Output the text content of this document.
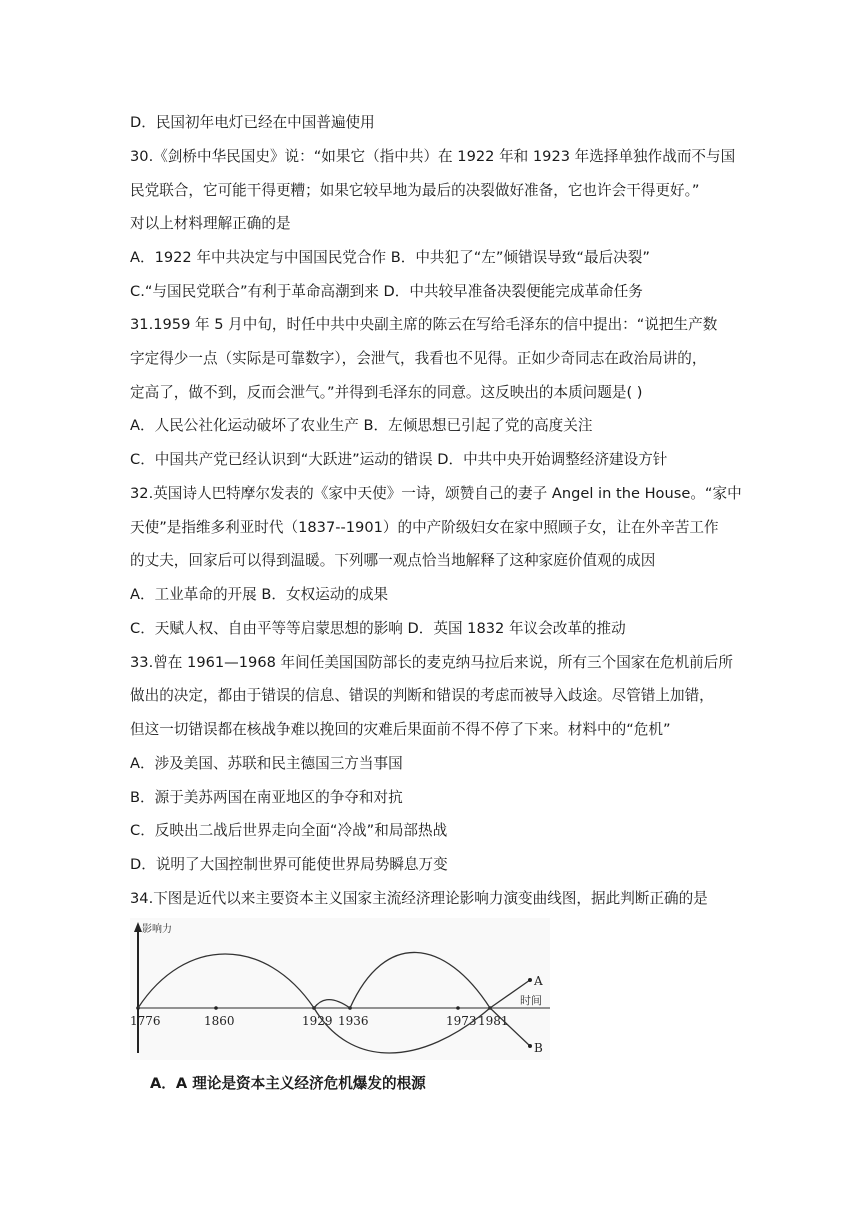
D．民国初年电灯已经在中国普遍使用
30.《剑桥中华民国史》说：“如果它（指中共）在 1922 年和 1923 年选择单独作战而不与国
民党联合，它可能干得更糟；如果它较早地为最后的决裂做好准备，它也许会干得更好。”
对以上材料理解正确的是
A．1922 年中共决定与中国国民党合作 B．中共犯了“左”倾错误导致“最后决裂”
C.“与国民党联合”有利于革命高潮到来 D．中共较早准备决裂便能完成革命任务
31.1959 年 5 月中旬，时任中共中央副主席的陈云在写给毛泽东的信中提出：“说把生产数
字定得少一点（实际是可靠数字），会泄气，我看也不见得。正如少奇同志在政治局讲的，
定高了，做不到，反而会泄气。”并得到毛泽东的同意。这反映出的本质问题是( )
A．人民公社化运动破坏了农业生产 B．左倾思想已引起了党的高度关注
C．中国共产党已经认识到“大跃进”运动的错误 D．中共中央开始调整经济建设方针
32.英国诗人巴特摩尔发表的《家中天使》一诗，颂赞自己的妻子 Angel in the House。“家中
天使”是指维多利亚时代（1837--1901）的中产阶级妇女在家中照顾子女，让在外辛苦工作
的丈夫，回家后可以得到温暖。下列哪一观点恰当地解释了这种家庭价值观的成因
A．工业革命的开展 B．女权运动的成果
C．天赋人权、自由平等等启蒙思想的影响 D．英国 1832 年议会改革的推动
33.曾在 1961—1968 年间任美国国防部长的麦克纳马拉后来说，所有三个国家在危机前后所
做出的决定，都由于错误的信息、错误的判断和错误的考虑而被导入歧途。尽管错上加错，
但这一切错误都在核战争难以挽回的灾难后果面前不得不停了下来。材料中的“危机”
A．涉及美国、苏联和民主德国三方当事国
B．源于美苏两国在南亚地区的争夺和对抗
C．反映出二战后世界走向全面“冷战”和局部热战
D．说明了大国控制世界可能使世界局势瞬息万变
34.下图是近代以来主要资本主义国家主流经济理论影响力演变曲线图，据此判断正确的是
影响力
时间
1776	1860	1929 1936	1973 1981
A
B
A．A 理论是资本主义经济危机爆发的根源
